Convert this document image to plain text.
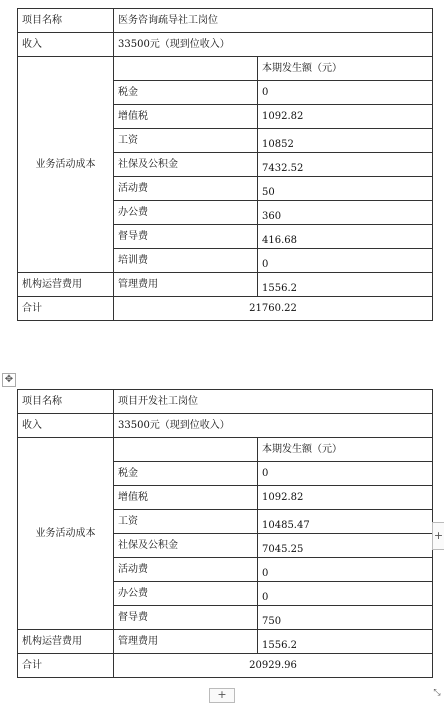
项目名称	医务咨询疏导社工岗位	
收入	33500元（现到位收入）	
业务活动成本		本期发生额（元）
	税金	0
	增值税	1092.82
	工资	10852
	社保及公积金	7432.52
	活动费	50
	办公费	360
	督导费	416.68
	培训费	0
机构运营费用	管理费用	1556.2
合计	21760.22	
✥
项目名称	项目开发社工岗位	
收入	33500元（现到位收入）	
业务活动成本		本期发生额（元）
	税金	0
	增值税	1092.82
	工资	10485.47
	社保及公积金	7045.25
	活动费	0
	办公费	0
	督导费	750
机构运营费用	管理费用	1556.2
合计	20929.96	
+
+	⤡
